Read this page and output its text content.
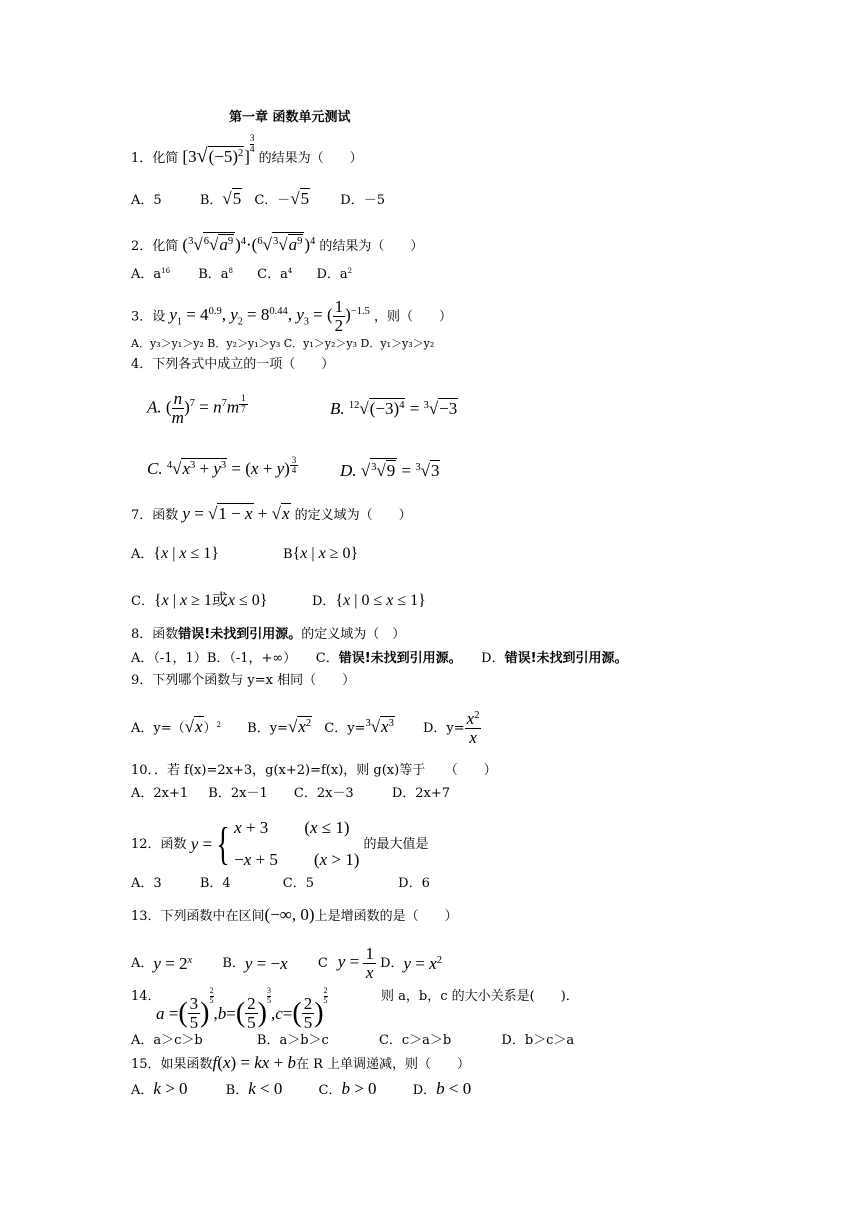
第一章 函数单元测试
1．化简 $[3√(-5)^2]$
$\frac{3}{4}$
的结果为（　　）
A．5	B．√5 C．－√5 D．－5
2．化简 ($^3√^6√a^9$ )$^4\cdot(^6√^3√a^9$ )$^4$ 的结果为（　　）
A．$a^{16}$ B．$a^8$ C．$a^4$ D．$a^2$
3．设 $y_1 = 4^{0.9}$, $y_2 = 8^{0.44}$, $y_3$ = ( $\frac{1}{2} )^{-1.5}$ ，则（　　）
A．y₃＞y₁＞y₂ B．y₂＞y₁＞y₃ C．y₁＞y₂＞y₃ D．y₁＞y₃＞y₂
4．下列各式中成立的一项（　　）
A. ( $\frac{n}{m} )^7 = n^7m$ $^{\frac{1}{7}}$	B. $^{12}√(-3)^4 = ^3√-3$
C. $^4√x^3 + y^3 = (x + y)$ $^{\frac{3}{4}}$ D. √$^3$√9 = $^3$√3
7．函数 y = √1 − x + √x 的定义域为（　　）
A．{x | x ≤ 1}	B{x | x ≥ 0}
C．{x | x ≥ 1或x ≤ 0}	D．{x | 0 ≤ x ≤ 1}
8．函数错误!未找到引用源。的定义域为（　）
A．（-1，1）B．（-1，+∞）　　C．错误!未找到引用源。　　D．错误!未找到引用源。
9．下列哪个函数与 y=x 相同（　　）
A．$y=(√x)^2$ B．$y=√x^2$ C．$y=^3√x^3$ D．$y= \frac{x^2}{x}$
10．．若 f(x)=2x+3，g(x+2)=f(x)，则 g(x)等于　　（　　）
A．2x+1 B．2x－1 C．2x－3	D．2x+7
12．函数 y ={ x + 3 (x ≤ 1)
−x + 5 (x > 1)
的最大值是
A．3	B．4	C．5	D．6
13．下列函数中在区间(−∞, 0)上是增函数的是（　　）
A．$y = 2^x$ B．y = −x C $y = \frac{1}{x}$ D．$y = x^2$
14．
a =( $\frac{3}{5}$ )
$\frac{2}{5}$
$,b=( \frac{2}{5}$ )
$\frac{3}{5}$
$,c=( \frac{2}{5}$ )
$\frac{2}{5}$	　则 a，b，c 的大小关系是(　　)．
A．a＞c＞b	B．a＞b＞c	C．c＞a＞b	D．b＞c＞a
15．如果函数f(x) = kx + b在 R 上单调递减，则（　　）
A．k > 0	B．k < 0	C．b > 0	D．b < 0
